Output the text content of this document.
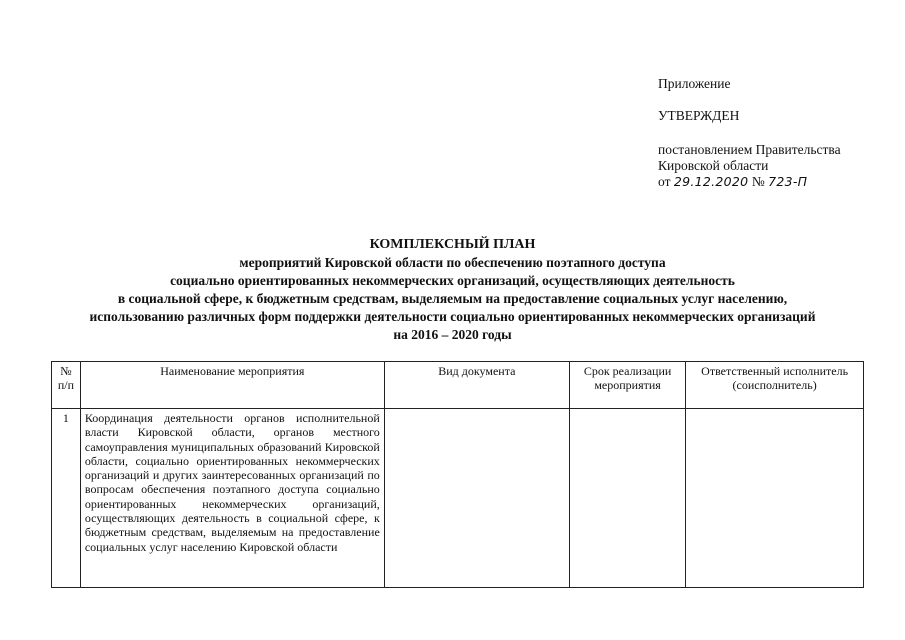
Приложение
УТВЕРЖДЕН
постановлением Правительства
Кировской области
от 29.12.2020 № 723-П
КОМПЛЕКСНЫЙ ПЛАН
мероприятий Кировской области по обеспечению поэтапного доступа
социально ориентированных некоммерческих организаций, осуществляющих деятельность
в социальной сфере, к бюджетным средствам, выделяемым на предоставление социальных услуг населению,
использованию различных форм поддержки деятельности социально ориентированных некоммерческих организаций
на 2016 – 2020 годы
№ п/п	Наименование мероприятия	Вид документа	Срок реализации мероприятия	Ответственный исполнитель (соисполнитель)
1	Координация деятельности органов исполнительной власти Кировской области, органов местного самоуправления муниципальных образований Кировской области, социально ориентированных некоммерческих организаций и других заинтересованных организаций по вопросам обеспечения поэтапного доступа социально ориентированных некоммерческих организаций, осуществляющих деятельность в социальной сфере, к бюджетным средствам, выделяемым на предоставление социальных услуг населению Кировской области			
